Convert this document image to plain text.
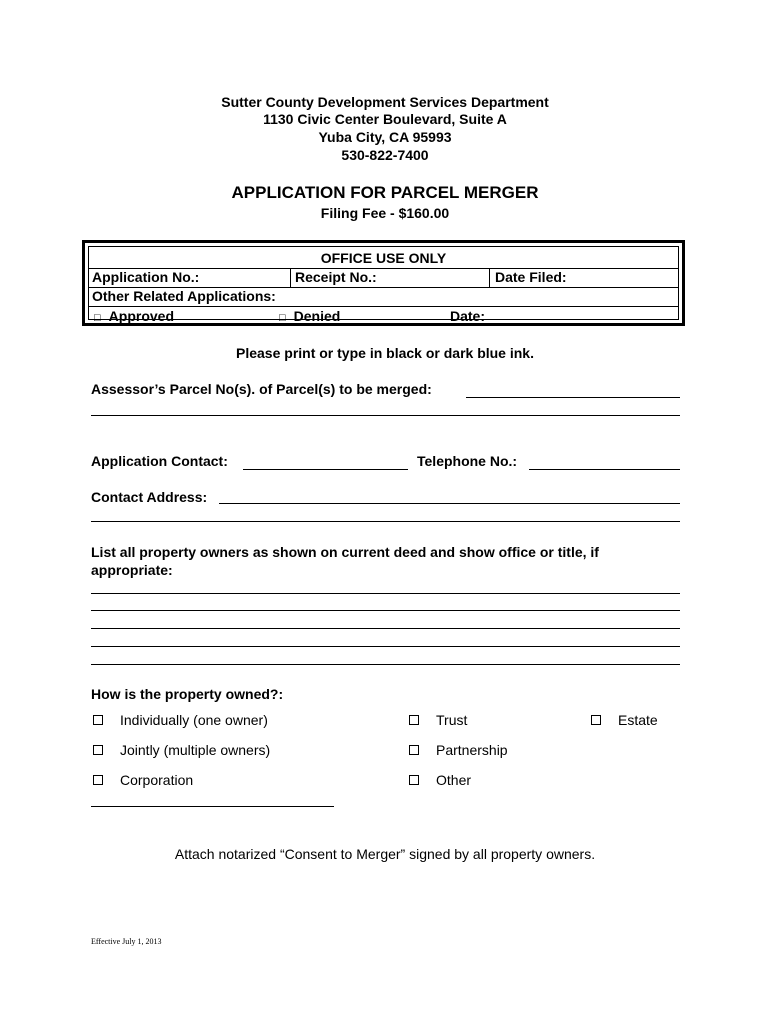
Sutter County Development Services Department
1130 Civic Center Boulevard, Suite A
Yuba City, CA 95993
530-822-7400
APPLICATION FOR PARCEL MERGER
Filing Fee - $160.00
OFFICE USE ONLY
Application No.:	Receipt No.:	Date Filed:
Other Related Applications:
□ Approved	□ Denied	Date:
Please print or type in black or dark blue ink.
Assessor’s Parcel No(s). of Parcel(s) to be merged:
Application Contact:	Telephone No.:
Contact Address:
List all property owners as shown on current deed and show office or title, if appropriate:
How is the property owned?:
Individually (one owner)	Trust	Estate
Jointly (multiple owners)	Partnership
Corporation	Other
Attach notarized “Consent to Merger” signed by all property owners.
Effective July 1, 2013
